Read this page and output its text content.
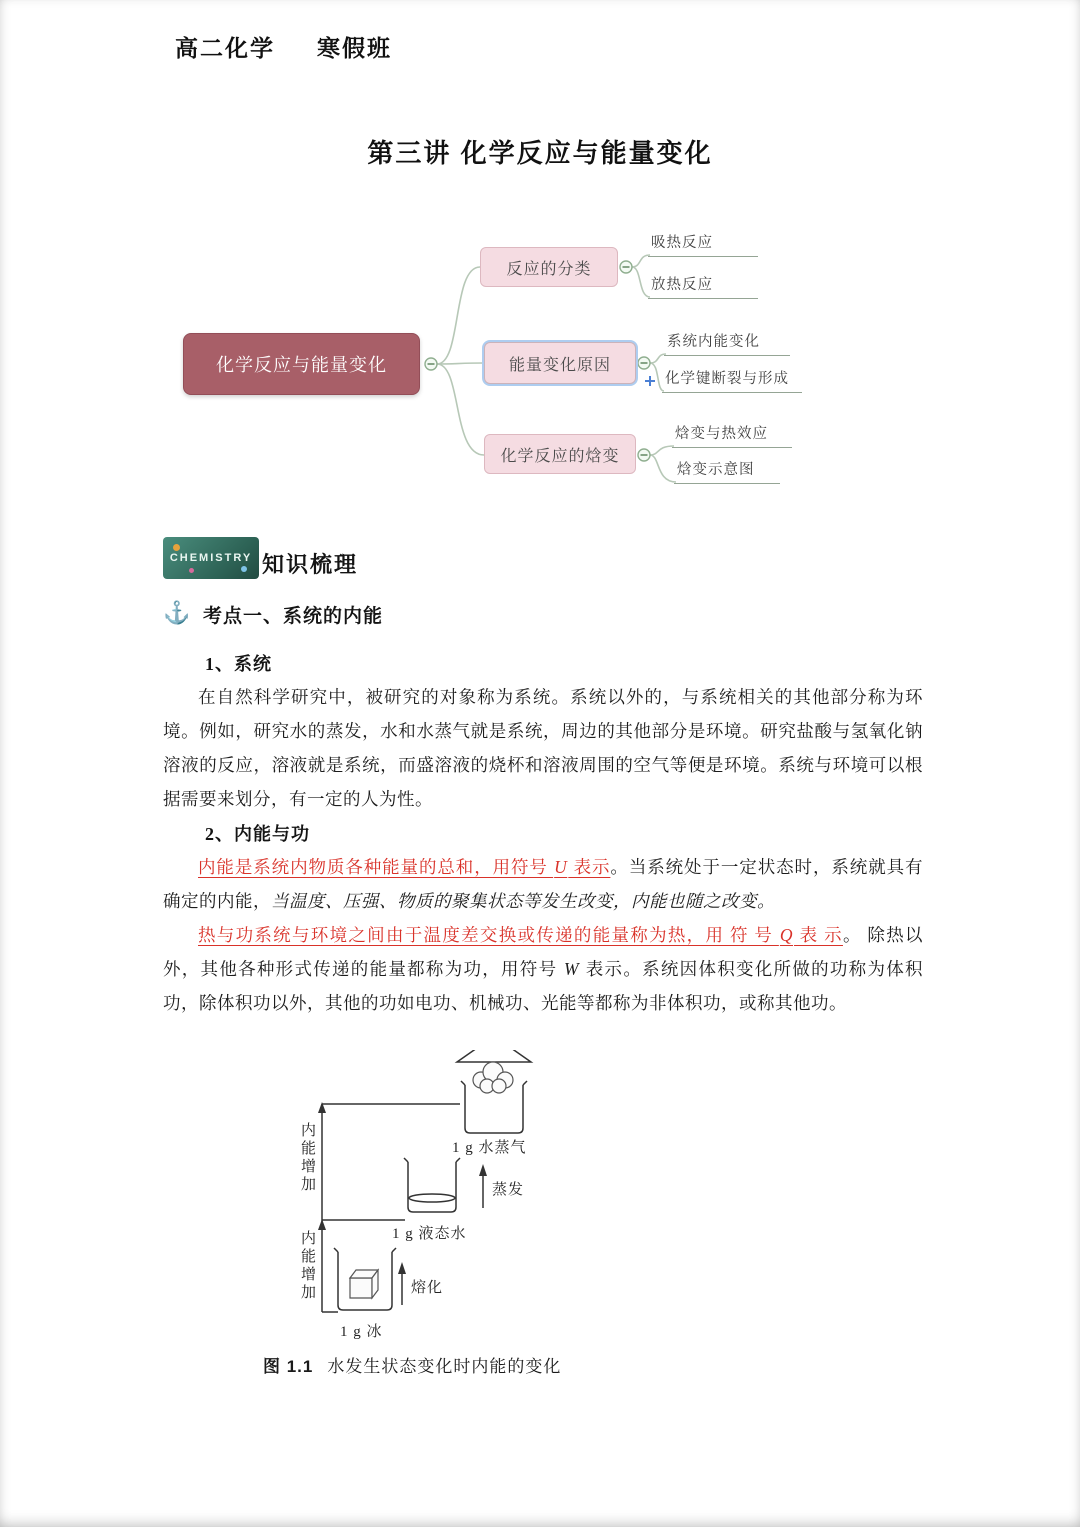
高二化学 寒假班
第三讲 化学反应与能量变化
化学反应与能量变化
反应的分类
能量变化原因
化学反应的焓变
吸热反应
放热反应
系统内能变化
化学键断裂与形成
焓变与热效应
焓变示意图
CHEMISTRY 知识梳理
⚓ 考点一、系统的内能
1、系统
在自然科学研究中，被研究的对象称为系统。系统以外的，与系统相关的其他部分称为环境。例如，研究水的蒸发，水和水蒸气就是系统，周边的其他部分是环境。研究盐酸与氢氧化钠溶液的反应，溶液就是系统，而盛溶液的烧杯和溶液周围的空气等便是环境。系统与环境可以根据需要来划分，有一定的人为性。
2、内能与功
内能是系统内物质各种能量的总和，用符号 U 表示。当系统处于一定状态时，系统就具有确定的内能，当温度、压强、物质的聚集状态等发生改变，内能也随之改变。
热与功系统与环境之间由于温度差交换或传递的能量称为热，用 符 号 Q 表 示。 除热以外，其他各种形式传递的能量都称为功，用符号 W 表示。系统因体积变化所做的功称为体积功，除体积功以外，其他的功如电功、机械功、光能等都称为非体积功，或称其他功。
内能增加
内能增加
1 g 水蒸气
蒸发
1 g 液态水
熔化
1 g 冰
图 1.1 水发生状态变化时内能的变化
